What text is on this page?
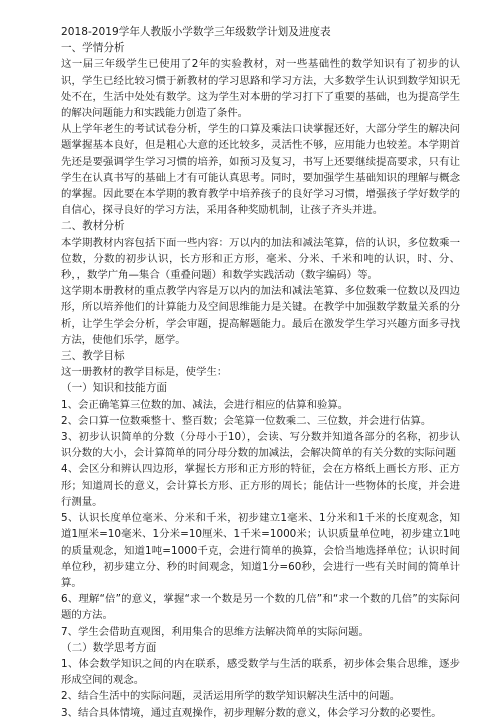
2018-2019学年人教版小学数学三年级数学计划及进度表
一、学情分析

这一届三年级学生已使用了2年的实验教材，对一些基础性的数学知识有了初步的认识，学生已经比较习惯于新教材的学习思路和学习方法，大多数学生认识到数学知识无处不在，生活中处处有数学。这为学生对本册的学习打下了重要的基础，也为提高学生的解决问题能力和实践能力创造了条件。

从上学年老生的考试试卷分析，学生的口算及乘法口诀掌握还好，大部分学生的解决问题掌握基本良好，但是粗心大意的还比较多，灵活性不够，应用能力也较差。本学期首先还是要强调学生学习习惯的培养，如预习及复习，书写上还要继续提高要求，只有让学生在认真书写的基础上才有可能认真思考。同时，要加强学生基础知识的理解与概念的掌握。因此要在本学期的教育教学中培养孩子的良好学习习惯，增强孩子学好数学的自信心，探寻良好的学习方法，采用各种奖励机制，让孩子齐头并进。

二、教材分析

本学期教材内容包括下面一些内容：万以内的加法和减法笔算，倍的认识，多位数乘一位数，分数的初步认识，长方形和正方形，毫米、分米、千米和吨的认识，时、分、秒，，数学广角—集合（重叠问题）和数学实践活动（数字编码）等。

这学期本册教材的重点教学内容是万以内的加法和减法笔算、多位数乘一位数以及四边形，所以培养他们的计算能力及空间思维能力是关键。在教学中加强数学数量关系的分析，让学生学会分析，学会审题，提高解题能力。最后在激发学生学习兴趣方面多寻找方法，使他们乐学，愿学。

三、教学目标

这一册教材的教学目标是，使学生：

（一）知识和技能方面

1、会正确笔算三位数的加、减法，会进行相应的估算和验算。

2、会口算一位数乘整十、整百数；会笔算一位数乘二、三位数，并会进行估算。

3、初步认识简单的分数（分母小于10），会读、写分数并知道各部分的名称，初步认识分数的大小，会计算简单的同分母分数的加减法，会解决简单的有关分数的实际问题

4、会区分和辨认四边形，掌握长方形和正方形的特征，会在方格纸上画长方形、正方形；知道周长的意义，会计算长方形、正方形的周长；能估计一些物体的长度，并会进行测量。

5、认识长度单位毫米、分米和千米，初步建立1毫米、1分米和1千米的长度观念，知道1厘米=10毫米、1分米=10厘米、1千米=1000米；认识质量单位吨，初步建立1吨的质量观念，知道1吨=1000千克，会进行简单的换算，会恰当地选择单位；认识时间单位秒，初步建立分、秒的时间观念，知道1分=60秒，会进行一些有关时间的简单计算。

6、理解“倍”的意义，掌握“求一个数是另一个数的几倍”和“求一个数的几倍”的实际问题的方法。

7、学生会借助直观图，利用集合的思维方法解决简单的实际问题。

（二）数学思考方面

1、体会数学知识之间的内在联系，感受数学与生活的联系，初步体会集合思维，逐步形成空间的观念。

2、结合生活中的实际问题，灵活运用所学的数学知识解决生活中的问题。

3、结合具体情境，通过直观操作，初步理解分数的意义，体会学习分数的必要性。
